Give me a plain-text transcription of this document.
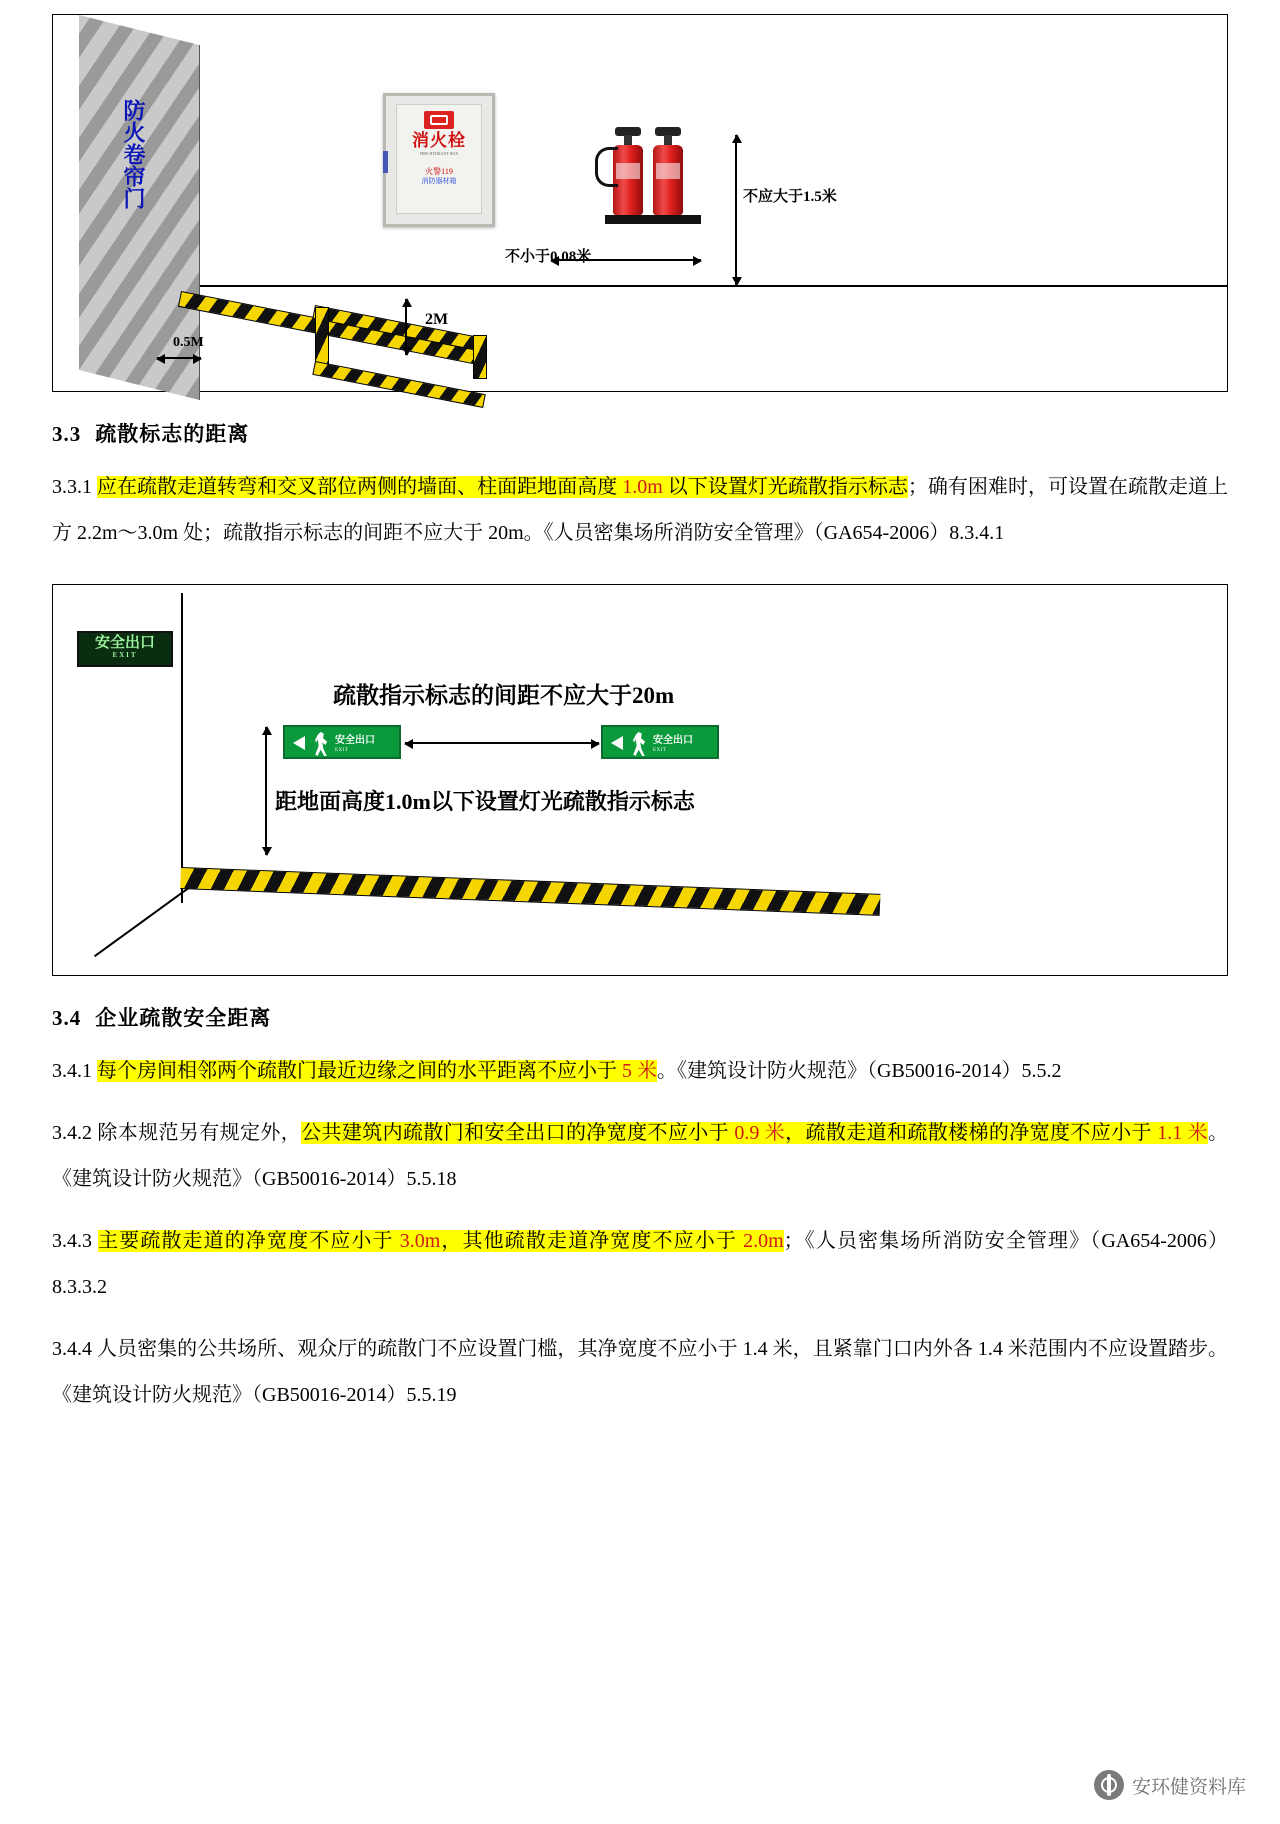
防火卷帘门	消火栓
FIRE HYDRANT BOX
火警119
消防器材箱
不应大于1.5米
不小于0.08米
2M
0.5M
3.3 疏散标志的距离

3.3.1 应在疏散走道转弯和交叉部位两侧的墙面、柱面距地面高度 1.0m 以下设置灯光疏散指示标志；确有困难时，可设置在疏散走道上方 2.2m～3.0m 处；疏散指示标志的间距不应大于 20m。《人员密集场所消防安全管理》（GA654-2006）8.3.4.1

安全出口
EXIT
疏散指示标志的间距不应大于20m
安全出口
EXIT
安全出口
EXIT
距地面高度1.0m以下设置灯光疏散指示标志
3.4 企业疏散安全距离

3.4.1 每个房间相邻两个疏散门最近边缘之间的水平距离不应小于 5 米。《建筑设计防火规范》（GB50016-2014）5.5.2

3.4.2 除本规范另有规定外，公共建筑内疏散门和安全出口的净宽度不应小于 0.9 米，疏散走道和疏散楼梯的净宽度不应小于 1.1 米。《建筑设计防火规范》（GB50016-2014）5.5.18

3.4.3 主要疏散走道的净宽度不应小于 3.0m，其他疏散走道净宽度不应小于 2.0m；《人员密集场所消防安全管理》（GA654-2006）8.3.3.2

3.4.4 人员密集的公共场所、观众厅的疏散门不应设置门槛，其净宽度不应小于 1.4 米，且紧靠门口内外各 1.4 米范围内不应设置踏步。《建筑设计防火规范》（GB50016-2014）5.5.19

安环健资料库
